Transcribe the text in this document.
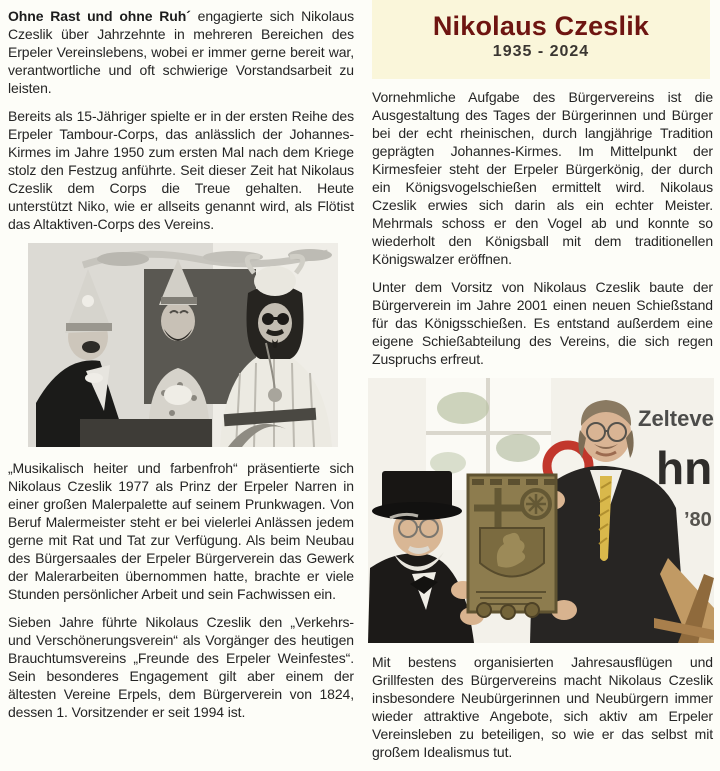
Ohne Rast und ohne Ruh´ engagierte sich Nikolaus Czeslik über Jahrzehnte in mehreren Bereichen des Erpeler Vereinslebens, wobei er immer gerne bereit war, verantwortliche und oft schwierige Vorstandsarbeit zu leisten.

Bereits als 15-Jähriger spielte er in der ersten Reihe des Erpeler Tambour-Corps, das anlässlich der Johannes-Kirmes im Jahre 1950 zum ersten Mal nach dem Kriege stolz den Festzug anführte. Seit dieser Zeit hat Nikolaus Czeslik dem Corps die Treue gehalten. Heute unterstützt Niko, wie er allseits genannt wird, als Flötist das Altaktiven-Corps des Vereins.

„Musikalisch heiter und farbenfroh“ präsentierte sich Nikolaus Czeslik 1977 als Prinz der Erpeler Narren in einer großen Malerpalette auf seinem Prunkwagen. Von Beruf Malermeister steht er bei vielerlei Anlässen jedem gerne mit Rat und Tat zur Verfügung. Als beim Neubau des Bürgersaales der Erpeler Bürgerverein das Gewerk der Malerarbeiten übernommen hatte, brachte er viele Stunden persönlicher Arbeit und sein Fachwissen ein.

Sieben Jahre führte Nikolaus Czeslik den „Verkehrs- und Verschönerungsverein“ als Vorgänger des heutigen Brauchtumsvereins „Freunde des Erpeler Weinfestes“. Sein besonderes Engagement gilt aber einem der ältesten Vereine Erpels, dem Bürgerverein von 1824, dessen 1. Vorsitzender er seit 1994 ist.

Nikolaus Czeslik
1935 - 2024

Vornehmliche Aufgabe des Bürgervereins ist die Ausgestaltung des Tages der Bürgerinnen und Bürger bei der echt rheinischen, durch langjährige Tradition geprägten Johannes-Kirmes. Im Mittelpunkt der Kirmesfeier steht der Erpeler Bürgerkönig, der durch ein Königsvogelschießen ermittelt wird. Nikolaus Czeslik erwies sich darin als ein echter Meister. Mehrmals schoss er den Vogel ab und konnte so wiederholt den Königsball mit dem traditionellen Königswalzer eröffnen.

Unter dem Vorsitz von Nikolaus Czeslik baute der Bürgerverein im Jahre 2001 einen neuen Schießstand für das Königsschießen. Es entstand außerdem eine eigene Schießabteilung des Vereins, die sich regen Zuspruchs erfreut.

Zelteve
hn
’80

Mit bestens organisierten Jahresausflügen und Grillfesten des Bürgervereins macht Nikolaus Czeslik insbesondere Neubürgerinnen und Neubürgern immer wieder attraktive Angebote, sich aktiv am Erpeler Vereinsleben zu beteiligen, so wie er das selbst mit großem Idealismus tut.
